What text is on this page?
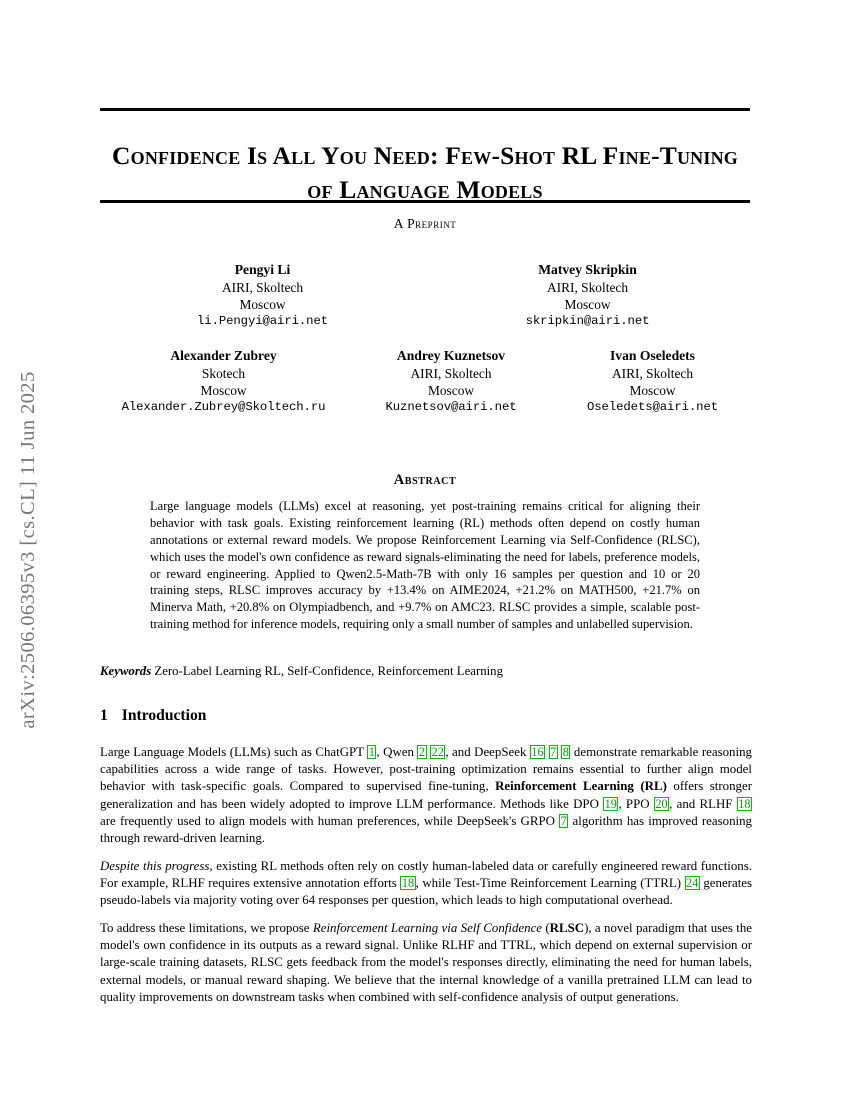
arXiv:2506.06395v3 [cs.CL] 11 Jun 2025
Confidence Is All You Need: Few-Shot RL Fine-Tuning of Language Models
A Preprint
Pengyi Li
AIRI, Skoltech
Moscow
li.Pengyi@airi.net
Matvey Skripkin
AIRI, Skoltech
Moscow
skripkin@airi.net
Alexander Zubrey
Skotech
Moscow
Alexander.Zubrey@Skoltech.ru
Andrey Kuznetsov
AIRI, Skoltech
Moscow
Kuznetsov@airi.net
Ivan Oseledets
AIRI, Skoltech
Moscow
Oseledets@airi.net
Abstract
Large language models (LLMs) excel at reasoning, yet post-training remains critical for aligning their behavior with task goals. Existing reinforcement learning (RL) methods often depend on costly human annotations or external reward models. We propose Reinforcement Learning via Self-Confidence (RLSC), which uses the model's own confidence as reward signals-eliminating the need for labels, preference models, or reward engineering. Applied to Qwen2.5-Math-7B with only 16 samples per question and 10 or 20 training steps, RLSC improves accuracy by +13.4% on AIME2024, +21.2% on MATH500, +21.7% on Minerva Math, +20.8% on Olympiadbench, and +9.7% on AMC23. RLSC provides a simple, scalable post-training method for inference models, requiring only a small number of samples and unlabelled supervision.
Keywords Zero-Label Learning RL, Self-Confidence, Reinforcement Learning
1 Introduction

Large Language Models (LLMs) such as ChatGPT 1 , Qwen 2 22 , and DeepSeek 16 7 8 demonstrate remarkable reasoning capabilities across a wide range of tasks. However, post-training optimization remains essential to further align model behavior with task-specific goals. Compared to supervised fine-tuning, Reinforcement Learning (RL) offers stronger generalization and has been widely adopted to improve LLM performance. Methods like DPO 19 , PPO 20 , and RLHF 18 are frequently used to align models with human preferences, while DeepSeek's GRPO 7 algorithm has improved reasoning through reward-driven learning.

Despite this progress, existing RL methods often rely on costly human-labeled data or carefully engineered reward functions. For example, RLHF requires extensive annotation efforts 18 , while Test-Time Reinforcement Learning (TTRL) 24 generates pseudo-labels via majority voting over 64 responses per question, which leads to high computational overhead.

To address these limitations, we propose Reinforcement Learning via Self Confidence (RLSC), a novel paradigm that uses the model's own confidence in its outputs as a reward signal. Unlike RLHF and TTRL, which depend on external supervision or large-scale training datasets, RLSC gets feedback from the model's responses directly, eliminating the need for human labels, external models, or manual reward shaping. We believe that the internal knowledge of a vanilla pretrained LLM can lead to quality improvements on downstream tasks when combined with self-confidence analysis of output generations.
